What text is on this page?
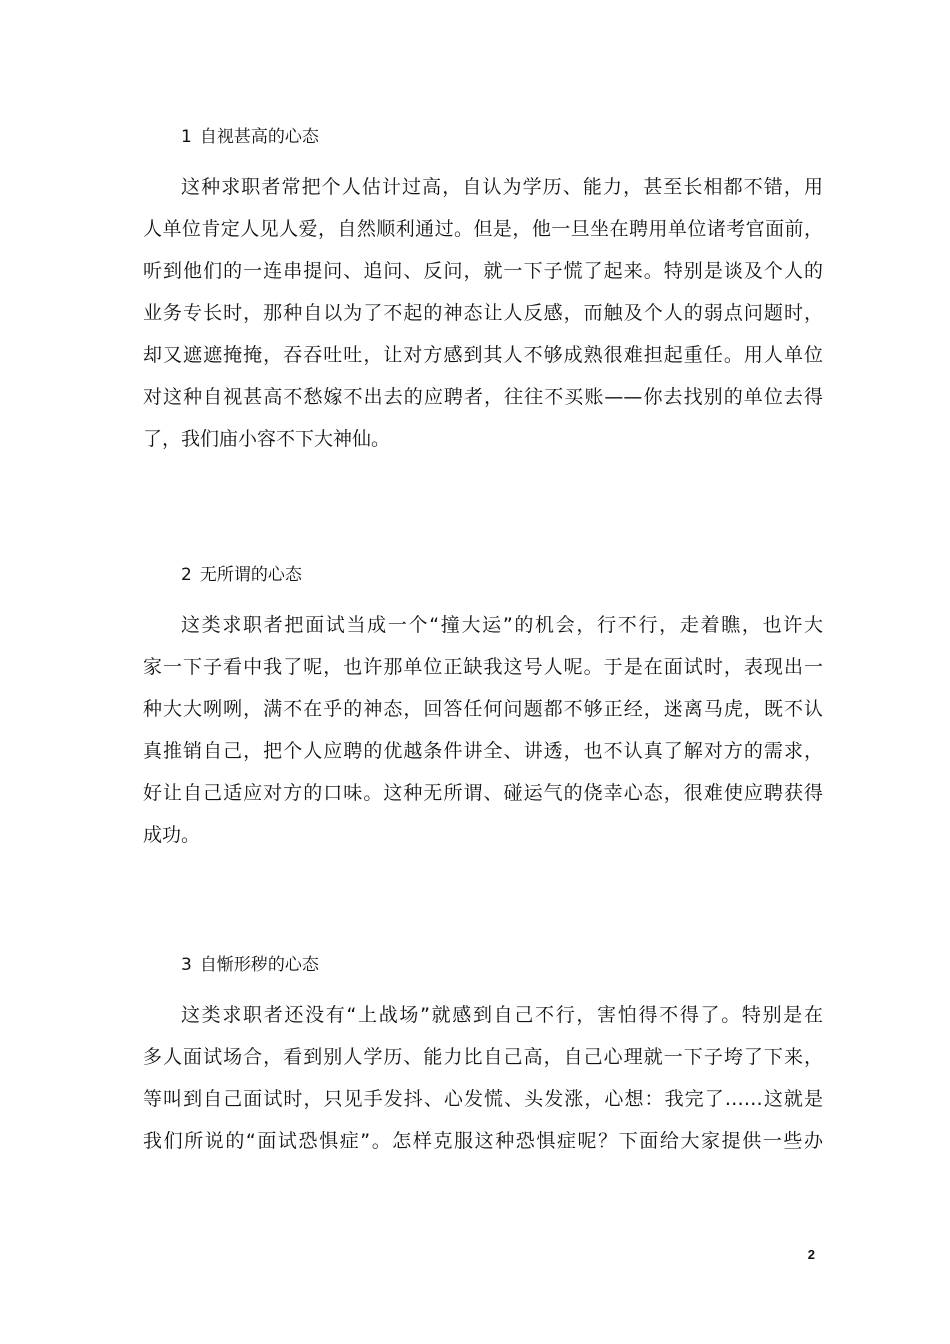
1 自视甚高的心态
这种求职者常把个人估计过高，自认为学历、能力，甚至长相都不错，用
人单位肯定人见人爱，自然顺利通过。但是，他一旦坐在聘用单位诸考官面前，
听到他们的一连串提问、追问、反问，就一下子慌了起来。特别是谈及个人的
业务专长时，那种自以为了不起的神态让人反感，而触及个人的弱点问题时，
却又遮遮掩掩，吞吞吐吐，让对方感到其人不够成熟很难担起重任。用人单位
对这种自视甚高不愁嫁不出去的应聘者，往往不买账——你去找别的单位去得
了，我们庙小容不下大神仙。
2 无所谓的心态
这类求职者把面试当成一个“撞大运”的机会，行不行，走着瞧，也许大
家一下子看中我了呢，也许那单位正缺我这号人呢。于是在面试时，表现出一
种大大咧咧，满不在乎的神态，回答任何问题都不够正经，迷离马虎，既不认
真推销自己，把个人应聘的优越条件讲全、讲透，也不认真了解对方的需求，
好让自己适应对方的口味。这种无所谓、碰运气的侥幸心态，很难使应聘获得
成功。
3 自惭形秽的心态
这类求职者还没有“上战场”就感到自己不行，害怕得不得了。特别是在
多人面试场合，看到别人学历、能力比自己高，自己心理就一下子垮了下来，
等叫到自己面试时，只见手发抖、心发慌、头发涨，心想：我完了……这就是
我们所说的“面试恐惧症”。怎样克服这种恐惧症呢？下面给大家提供一些办
2
